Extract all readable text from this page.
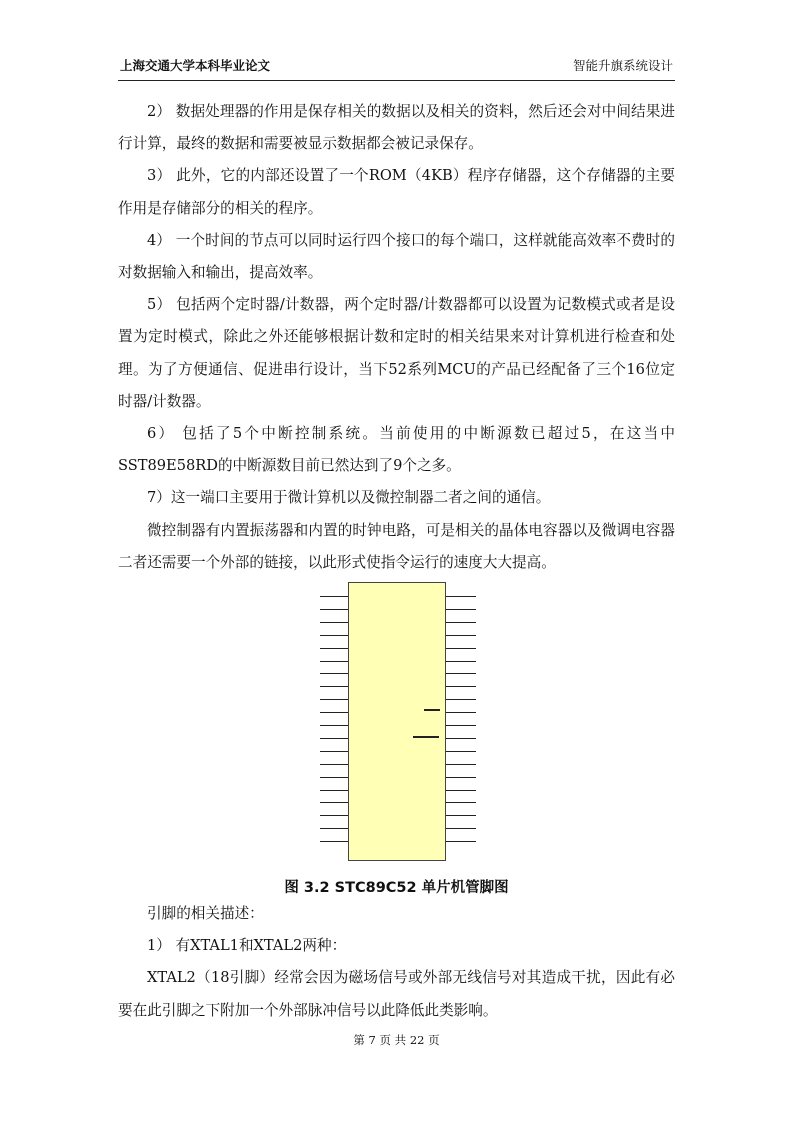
上海交通大学本科毕业论文	智能升旗系统设计

2） 数据处理器的作用是保存相关的数据以及相关的资料，然后还会对中间结果进行计算，最终的数据和需要被显示数据都会被记录保存。

3） 此外，它的内部还设置了一个ROM（4KB）程序存储器，这个存储器的主要作用是存储部分的相关的程序。

4） 一个时间的节点可以同时运行四个接口的每个端口，这样就能高效率不费时的对数据输入和输出，提高效率。

5） 包括两个定时器/计数器，两个定时器/计数器都可以设置为记数模式或者是设置为定时模式，除此之外还能够根据计数和定时的相关结果来对计算机进行检查和处理。为了方便通信、促进串行设计，当下52系列MCU的产品已经配备了三个16位定时器/计数器。

6） 包括了5个中断控制系统。当前使用的中断源数已超过5，在这当中SST89E58RD的中断源数目前已然达到了9个之多。

7）这一端口主要用于微计算机以及微控制器二者之间的通信。

微控制器有内置振荡器和内置的时钟电路，可是相关的晶体电容器以及微调电容器二者还需要一个外部的链接，以此形式使指令运行的速度大大提高。

图 3.2 STC89C52 单片机管脚图

引脚的相关描述：

1） 有XTAL1和XTAL2两种：

XTAL2（18引脚）经常会因为磁场信号或外部无线信号对其造成干扰，因此有必要在此引脚之下附加一个外部脉冲信号以此降低此类影响。

第 7 页 共 22 页
